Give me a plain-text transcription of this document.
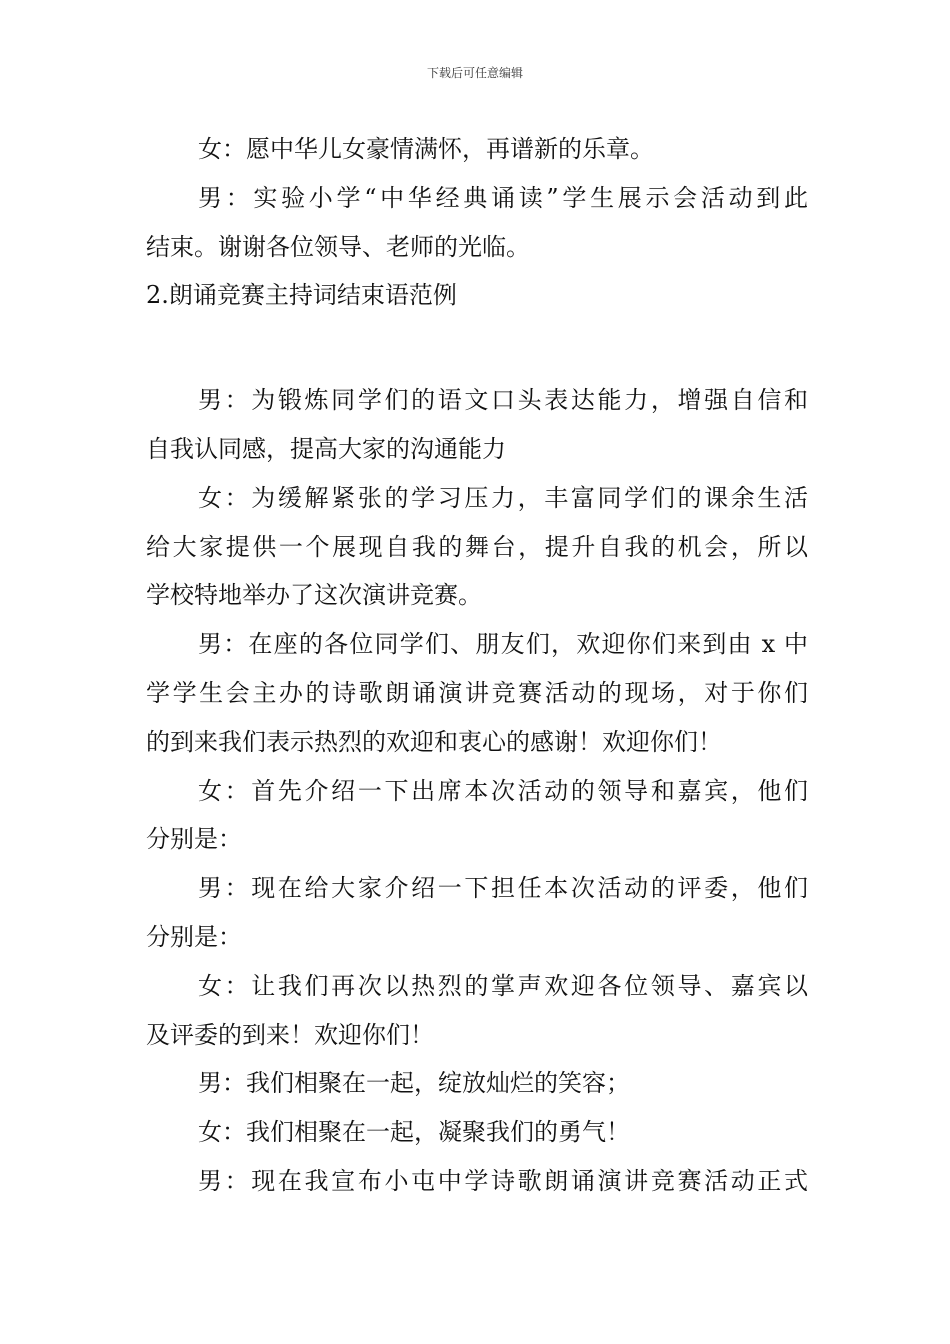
下载后可任意编辑
女：愿中华儿女豪情满怀，再谱新的乐章。
男：实验小学“中华经典诵读”学生展示会活动到此
结束。谢谢各位领导、老师的光临。
2.朗诵竞赛主持词结束语范例
男：为锻炼同学们的语文口头表达能力，增强自信和
自我认同感，提高大家的沟通能力
女：为缓解紧张的学习压力，丰富同学们的课余生活
给大家提供一个展现自我的舞台，提升自我的机会，所以
学校特地举办了这次演讲竞赛。
男：在座的各位同学们、朋友们，欢迎你们来到由 x 中
学学生会主办的诗歌朗诵演讲竞赛活动的现场，对于你们
的到来我们表示热烈的欢迎和衷心的感谢！欢迎你们！
女：首先介绍一下出席本次活动的领导和嘉宾，他们
分别是：
男：现在给大家介绍一下担任本次活动的评委，他们
分别是：
女：让我们再次以热烈的掌声欢迎各位领导、嘉宾以
及评委的到来！欢迎你们！
男：我们相聚在一起，绽放灿烂的笑容；
女：我们相聚在一起，凝聚我们的勇气！
男：现在我宣布小屯中学诗歌朗诵演讲竞赛活动正式
